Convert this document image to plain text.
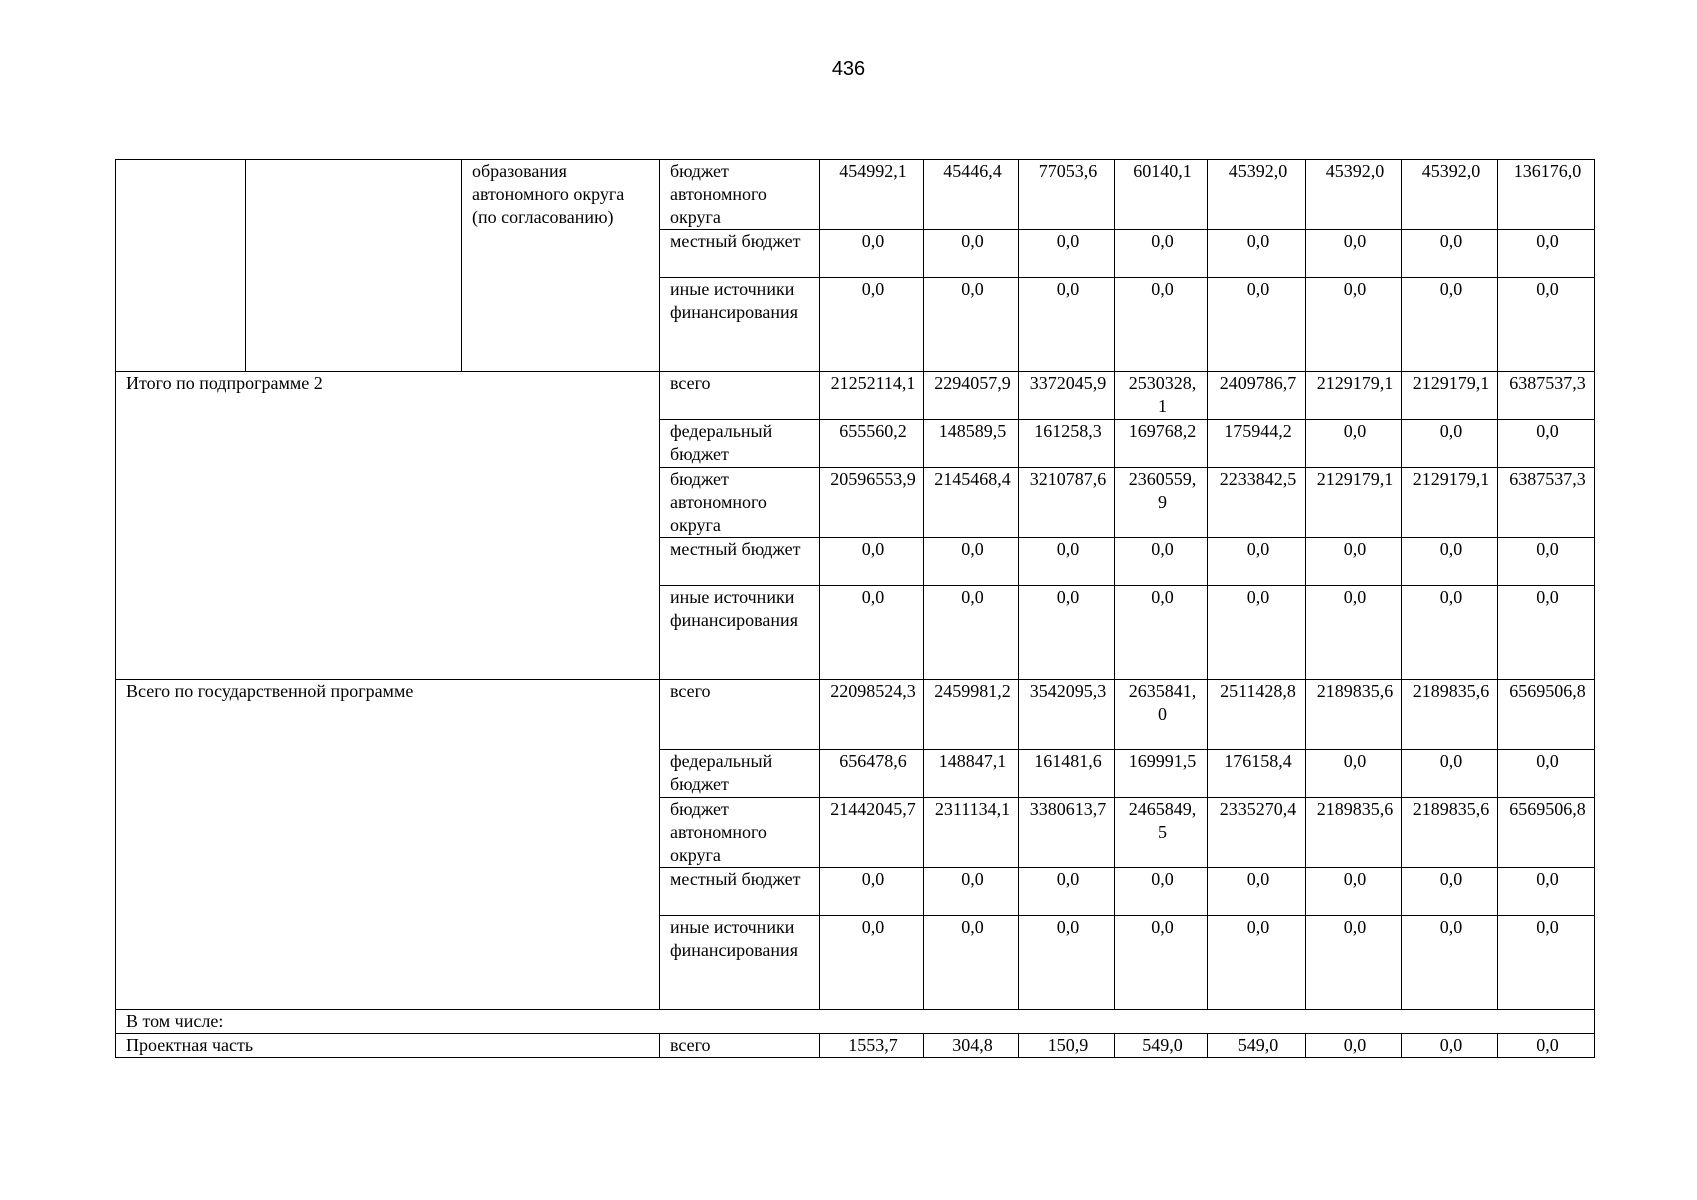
436
		образования автономного округа (по согласованию)	бюджет автономного округа	454992,1	45446,4	77053,6	60140,1	45392,0	45392,0	45392,0	136176,0
			местный бюджет	0,0	0,0	0,0	0,0	0,0	0,0	0,0	0,0
			иные источники финансирования	0,0	0,0	0,0	0,0	0,0	0,0	0,0	0,0
Итого по подпрограмме 2			всего	21252114,1	2294057,9	3372045,9	2530328,1	2409786,7	2129179,1	2129179,1	6387537,3
			федеральный бюджет	655560,2	148589,5	161258,3	169768,2	175944,2	0,0	0,0	0,0
			бюджет автономного округа	20596553,9	2145468,4	3210787,6	2360559,9	2233842,5	2129179,1	2129179,1	6387537,3
			местный бюджет	0,0	0,0	0,0	0,0	0,0	0,0	0,0	0,0
			иные источники финансирования	0,0	0,0	0,0	0,0	0,0	0,0	0,0	0,0
Всего по государственной программе			всего	22098524,3	2459981,2	3542095,3	2635841,0	2511428,8	2189835,6	2189835,6	6569506,8
			федеральный бюджет	656478,6	148847,1	161481,6	169991,5	176158,4	0,0	0,0	0,0
			бюджет автономного округа	21442045,7	2311134,1	3380613,7	2465849,5	2335270,4	2189835,6	2189835,6	6569506,8
			местный бюджет	0,0	0,0	0,0	0,0	0,0	0,0	0,0	0,0
			иные источники финансирования	0,0	0,0	0,0	0,0	0,0	0,0	0,0	0,0
В том числе:											
Проектная часть			всего	1553,7	304,8	150,9	549,0	549,0	0,0	0,0	0,0
